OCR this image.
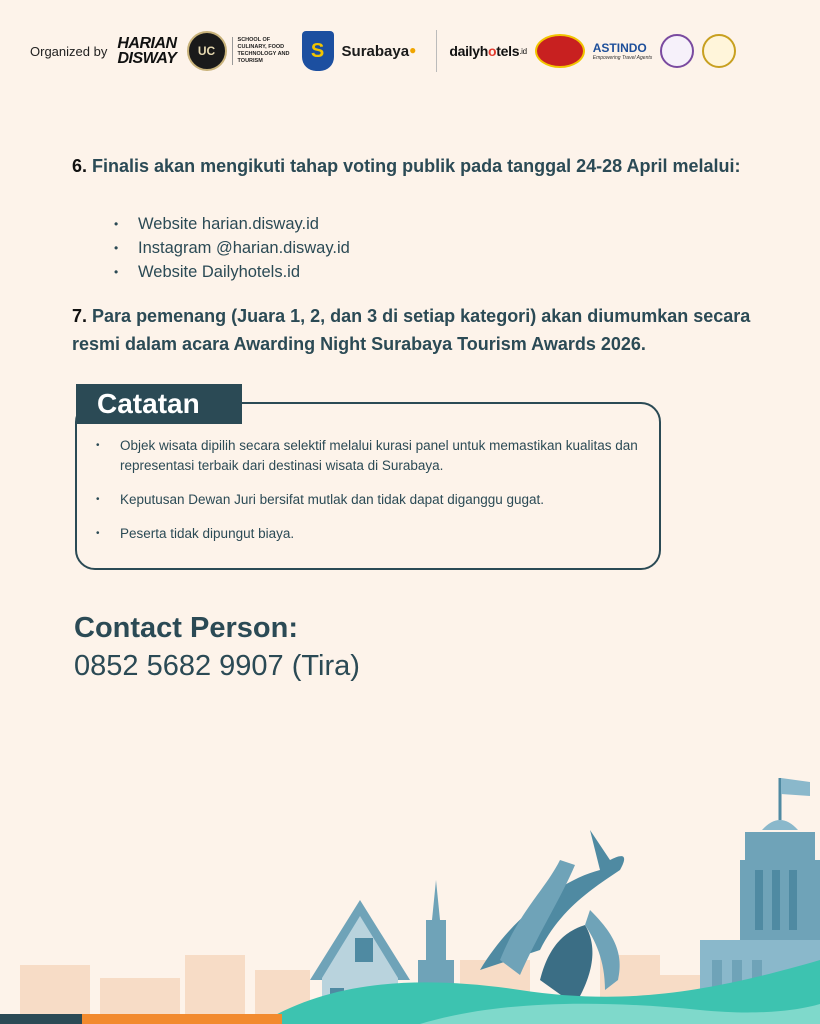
Organized by HARIAN
DISWAY	UC
SCHOOL OF CULINARY, FOOD TECHNOLOGY AND TOURISM	S	Surabaya ● dailyh o tels .id	ASTINDO
Empowering Travel Agents
6. Finalis akan mengikuti tahap voting publik pada tanggal 24-28 April melalui:
• Website harian.disway.id
• Instagram @harian.disway.id
• Website Dailyhotels.id
7. Para pemenang (Juara 1, 2, dan 3 di setiap kategori) akan diumumkan secara resmi dalam acara Awarding Night Surabaya Tourism Awards 2026.
Catatan
• Objek wisata dipilih secara selektif melalui kurasi panel untuk memastikan kualitas dan representasi terbaik dari destinasi wisata di Surabaya.
• Keputusan Dewan Juri bersifat mutlak dan tidak dapat diganggu gugat.
• Peserta tidak dipungut biaya.
Contact Person:
0852 5682 9907 (Tira)
